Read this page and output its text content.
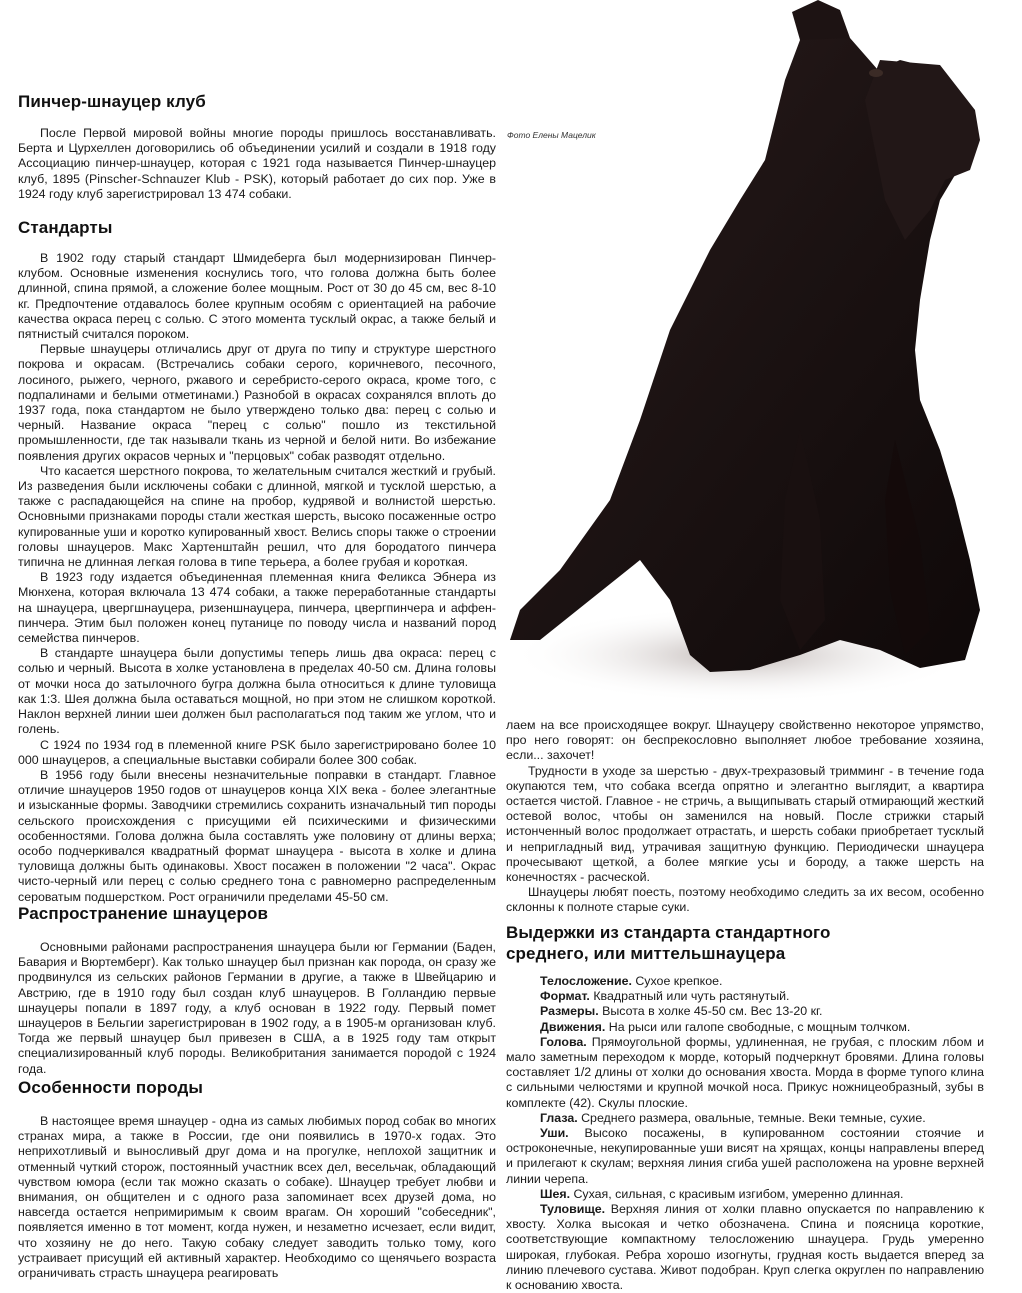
Фото Елены Мацелик
Пинчер-шнауцер клуб

После Первой мировой войны многие породы пришлось восстанавливать. Берта и Цурхеллен договорились об объединении усилий и создали в 1918 году Ассоциацию пинчер-шнауцер, которая с 1921 года называется Пинчер-шнауцер клуб, 1895 (Pinscher-Schnauzer Klub - PSK), который работает до сих пор. Уже в 1924 году клуб зарегистрировал 13 474 собаки.

Стандарты

В 1902 году старый стандарт Шмидеберга был модернизирован Пинчер-клубом. Основные изменения коснулись того, что голова должна быть более длинной, спина прямой, а сложение более мощным. Рост от 30 до 45 см, вес 8-10 кг. Предпочтение отдавалось более крупным особям с ориентацией на рабочие качества окраса перец с солью. С этого момента тусклый окрас, а также белый и пятнистый считался пороком.

Первые шнауцеры отличались друг от друга по типу и структуре шерстного покрова и окрасам. (Встречались собаки серого, коричневого, песочного, лосиного, рыжего, черного, ржавого и серебристо-серого окраса, кроме того, с подпалинами и белыми отметинами.) Разнобой в окрасах сохранялся вплоть до 1937 года, пока стандартом не было утверждено только два: перец с солью и черный. Название окраса "перец с солью" пошло из текстильной промышленности, где так называли ткань из черной и белой нити. Во избежание появления других окрасов черных и "перцовых" собак разводят отдельно.

Что касается шерстного покрова, то желательным считался жесткий и грубый. Из разведения были исключены собаки с длинной, мягкой и тусклой шерстью, а также с распадающейся на спине на пробор, кудрявой и волнистой шерстью. Основными признаками породы стали жесткая шерсть, высоко посаженные остро купированные уши и коротко купированный хвост. Велись споры также о строении головы шнауцеров. Макс Хартенштайн решил, что для бородатого пинчера типична не длинная легкая голова в типе терьера, а более грубая и короткая.

В 1923 году издается объединенная племенная книга Феликса Эбнера из Мюнхена, которая включала 13 474 собаки, а также переработанные стандарты на шнауцера, цвергшнауцера, ризеншнауцера, пинчера, цвергпинчера и аффен-пинчера. Этим был положен конец путанице по поводу числа и названий пород семейства пинчеров.

В стандарте шнауцера были допустимы теперь лишь два окраса: перец с солью и черный. Высота в холке установлена в пределах 40-50 см. Длина головы от мочки носа до затылочного бугра должна была относиться к длине туловища как 1:3. Шея должна была оставаться мощной, но при этом не слишком короткой. Наклон верхней линии шеи должен был располагаться под таким же углом, что и голень.

С 1924 по 1934 год в племенной книге PSK было зарегистрировано более 10 000 шнауцеров, а специальные выставки собирали более 300 собак.

В 1956 году были внесены незначительные поправки в стандарт. Главное отличие шнауцеров 1950 годов от шнауцеров конца XIX века - более элегантные и изысканные формы. Заводчики стремились сохранить изначальный тип породы сельского происхождения с присущими ей психическими и физическими особенностями. Голова должна была составлять уже половину от длины верха; особо подчеркивался квадратный формат шнауцера - высота в холке и длина туловища должны быть одинаковы. Хвост посажен в положении "2 часа". Окрас чисто-черный или перец с солью среднего тона с равномерно распределенным сероватым подшерстком. Рост ограничили пределами 45-50 см.

Распространение шнауцеров

Основными районами распространения шнауцера были юг Германии (Баден, Бавария и Вюртемберг). Как только шнауцер был признан как порода, он сразу же продвинулся из сельских районов Германии в другие, а также в Швейцарию и Австрию, где в 1910 году был создан клуб шнауцеров. В Голландию первые шнауцеры попали в 1897 году, а клуб основан в 1922 году. Первый помет шнауцеров в Бельгии зарегистрирован в 1902 году, а в 1905-м организован клуб. Тогда же первый шнауцер был привезен в США, а в 1925 году там открыт специализированный клуб породы. Великобритания занимается породой с 1924 года.

Особенности породы

В настоящее время шнауцер - одна из самых любимых пород собак во многих странах мира, а также в России, где они появились в 1970-х годах. Это неприхотливый и выносливый друг дома и на прогулке, неплохой защитник и отменный чуткий сторож, постоянный участник всех дел, весельчак, обладающий чувством юмора (если так можно сказать о собаке). Шнауцер требует любви и внимания, он общителен и с одного раза запоминает всех друзей дома, но навсегда остается непримиримым к своим врагам. Он хороший "собеседник", появляется именно в тот момент, когда нужен, и незаметно исчезает, если видит, что хозяину не до него. Такую собаку следует заводить только тому, кого устраивает присущий ей активный характер. Необходимо со щенячьего возраста ограничивать страсть шнауцера реагировать

лаем на все происходящее вокруг. Шнауцеру свойственно некоторое упрямство, про него говорят: он беспрекословно выполняет любое требование хозяина, если... захочет!

Трудности в уходе за шерстью - двух-трехразовый тримминг - в течение года окупаются тем, что собака всегда опрятно и элегантно выглядит, а квартира остается чистой. Главное - не стричь, а выщипывать старый отмирающий жесткий остевой волос, чтобы он заменился на новый. После стрижки старый истонченный волос продолжает отрастать, и шерсть собаки приобретает тусклый и непригладный вид, утрачивая защитную функцию. Периодически шнауцера прочесывают щеткой, а более мягкие усы и бороду, а также шерсть на конечностях - расческой.

Шнауцеры любят поесть, поэтому необходимо следить за их весом, особенно склонны к полноте старые суки.

Выдержки из стандарта стандартного
среднего, или миттельшнауцера
Телосложение. Сухое крепкое.
Формат. Квадратный или чуть растянутый.
Размеры. Высота в холке 45-50 см. Вес 13-20 кг.
Движения. На рыси или галопе свободные, с мощным толчком.
Голова. Прямоугольной формы, удлиненная, не грубая, с плоским лбом и мало заметным переходом к морде, который подчеркнут бровями. Длина головы составляет 1/2 длины от холки до основания хвоста. Морда в форме тупого клина с сильными челюстями и крупной мочкой носа. Прикус ножницеобразный, зубы в комплекте (42). Скулы плоские.
Глаза. Среднего размера, овальные, темные. Веки темные, сухие.
Уши. Высоко посажены, в купированном состоянии стоячие и остроконечные, некупированные уши висят на хрящах, концы направлены вперед и прилегают к скулам; верхняя линия сгиба ушей расположена на уровне верхней линии черепа.
Шея. Сухая, сильная, с красивым изгибом, умеренно длинная.
Туловище. Верхняя линия от холки плавно опускается по направлению к хвосту. Холка высокая и четко обозначена. Спина и поясница короткие, соответствующие компактному телосложению шнауцера. Грудь умеренно широкая, глубокая. Ребра хорошо изогнуты, грудная кость выдается вперед за линию плечевого сустава. Живот подобран. Круп слегка округлен по направлению к основанию хвоста.
